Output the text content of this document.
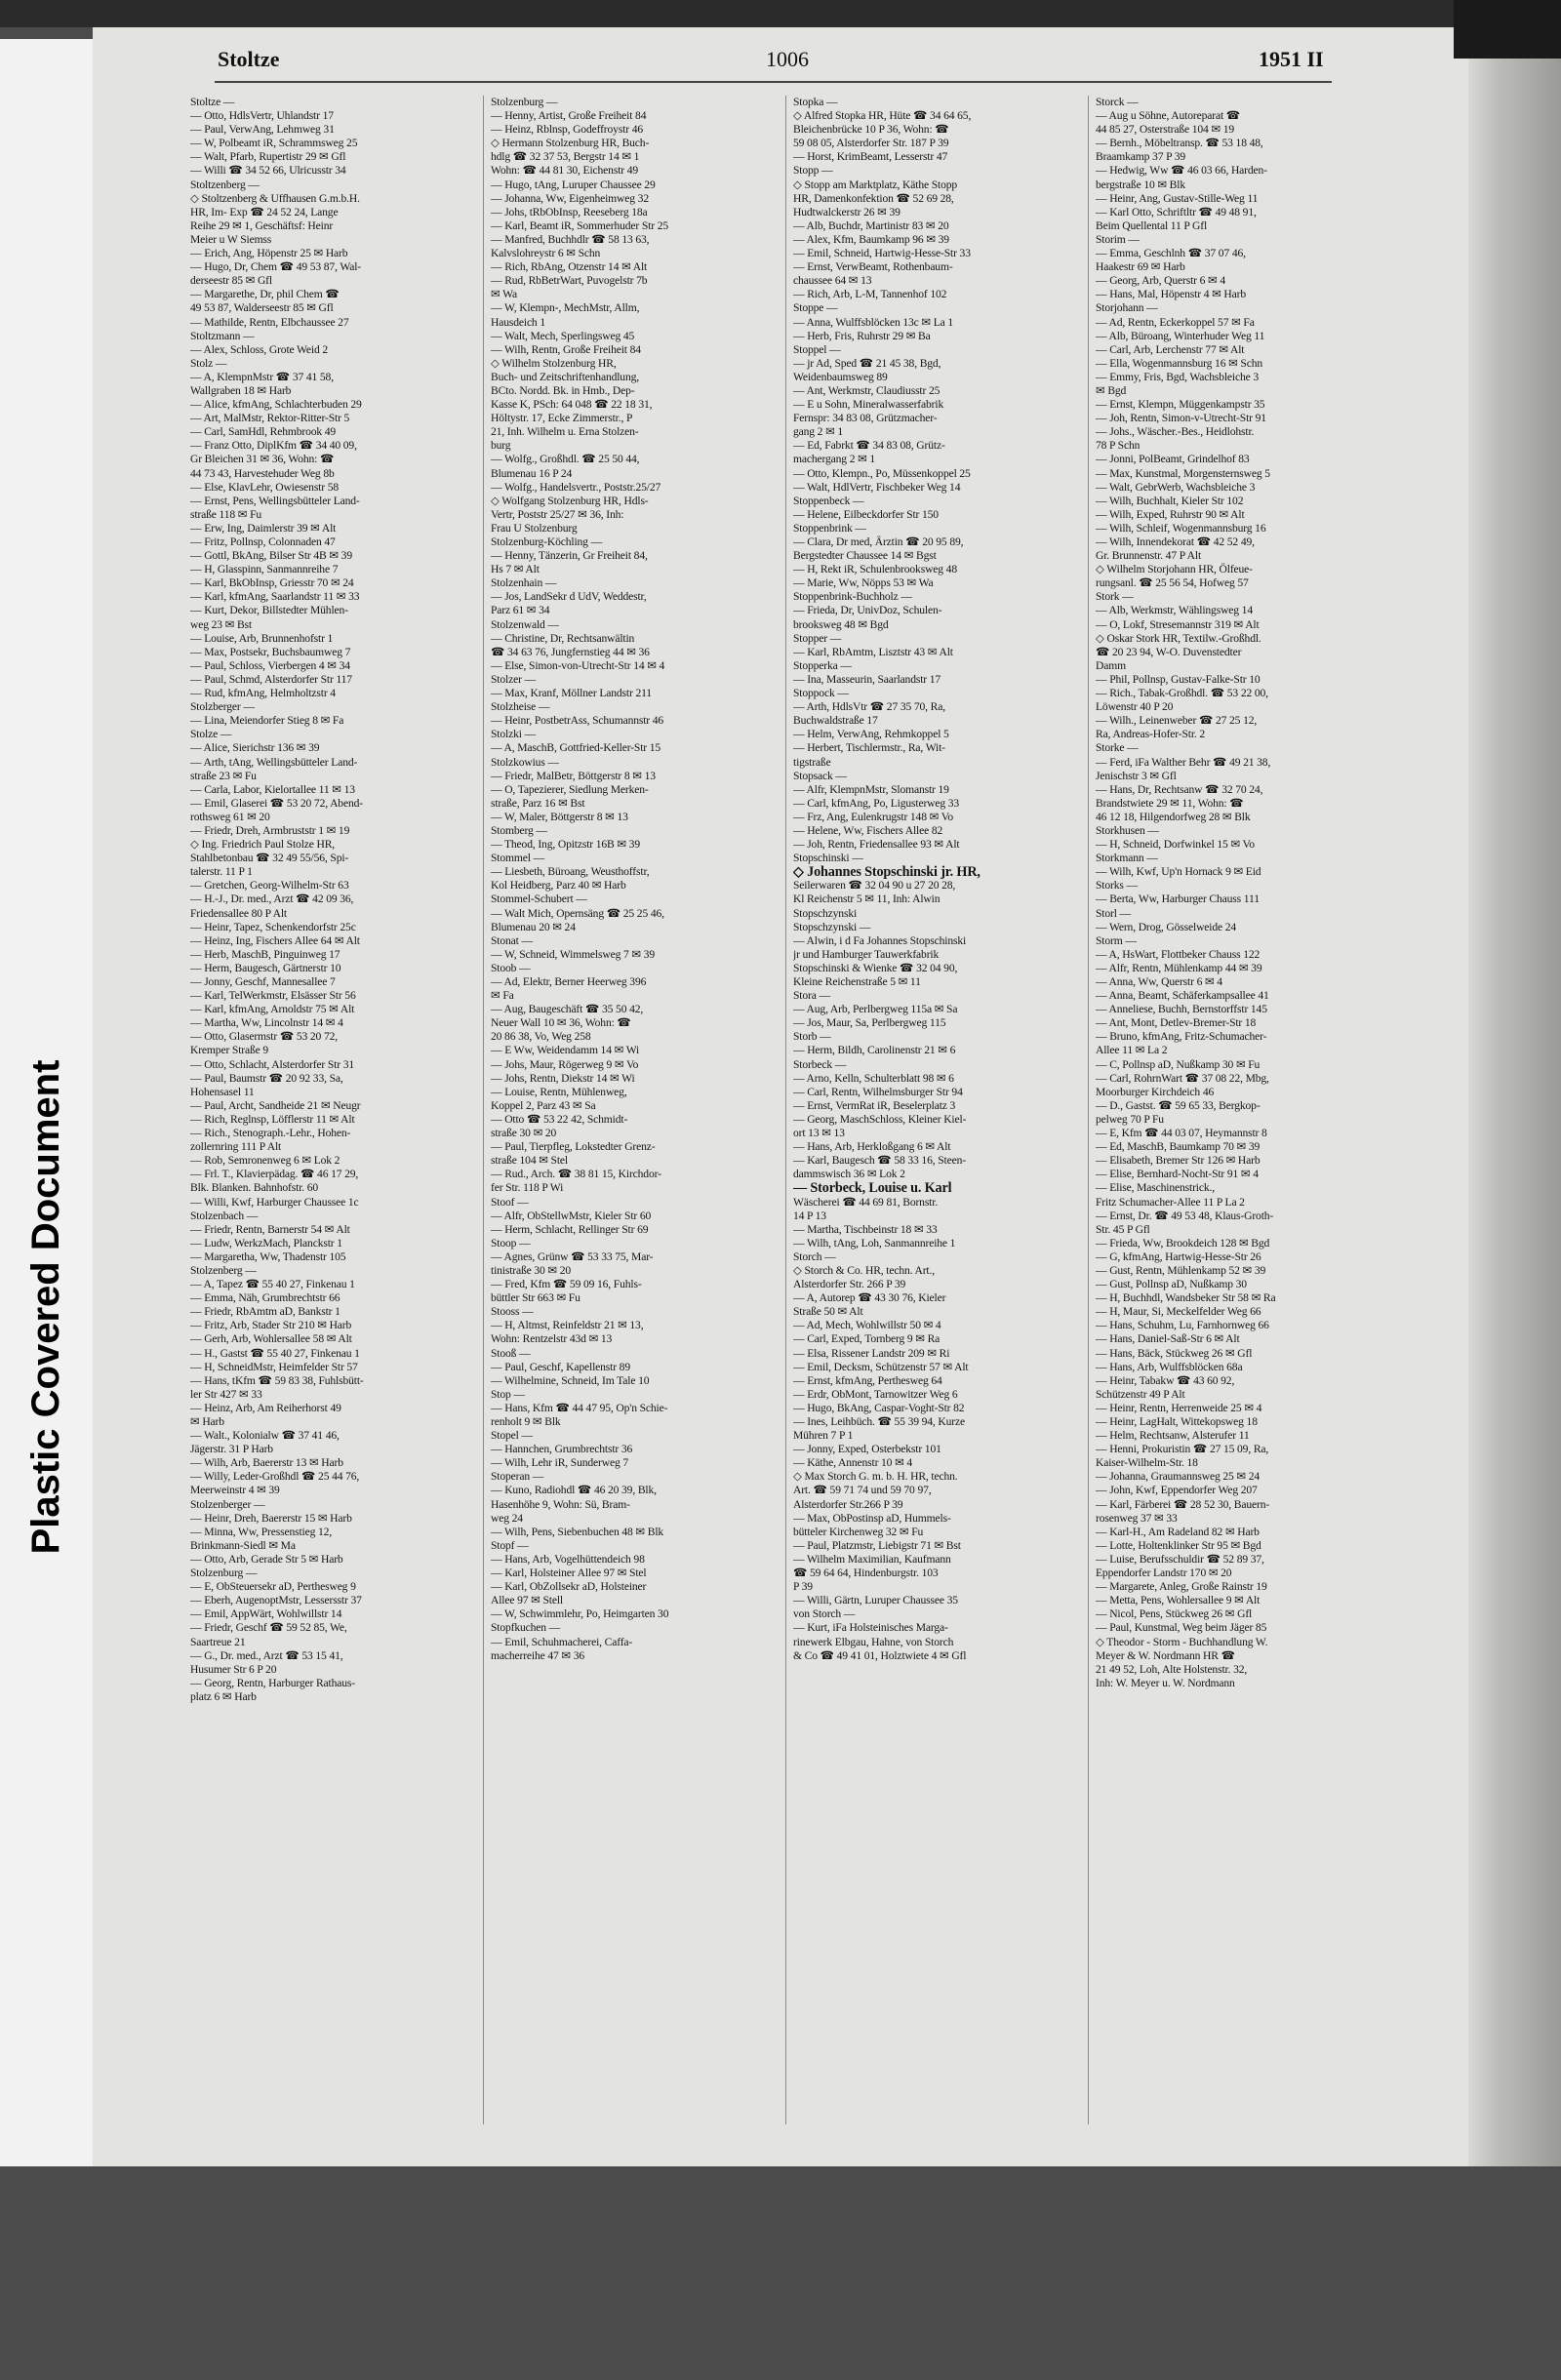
Plastic Covered Document
Stoltze	1006	1951 II
Stoltze —
— Otto, HdlsVertr, Uhlandstr 17
— Paul, VerwAng, Lehmweg 31
— W, Polbeamt iR, Schrammsweg 25
— Walt, Pfarb, Rupertistr 29 ✉ Gfl
— Willi ☎ 34 52 66, Ulricusstr 34
Stoltzenberg —
◇ Stoltzenberg & Uffhausen G.m.b.H.
HR, Im- Exp ☎ 24 52 24, Lange
Reihe 29 ✉ 1, Geschäftsf: Heinr
Meier u W Siemss
— Erich, Ang, Höpenstr 25 ✉ Harb
— Hugo, Dr, Chem ☎ 49 53 87, Wal-
derseestr 85 ✉ Gfl
— Margarethe, Dr, phil Chem ☎
49 53 87, Walderseestr 85 ✉ Gfl
— Mathilde, Rentn, Elbchaussee 27
Stoltzmann —
— Alex, Schloss, Grote Weid 2
Stolz —
— A, KlempnMstr ☎ 37 41 58,
Wallgraben 18 ✉ Harb
— Alice, kfmAng, Schlachterbuden 29
— Art, MalMstr, Rektor-Ritter-Str 5
— Carl, SamHdl, Rehmbrook 49
— Franz Otto, DiplKfm ☎ 34 40 09,
Gr Bleichen 31 ✉ 36, Wohn: ☎
44 73 43, Harvestehuder Weg 8b
— Else, KlavLehr, Owiesenstr 58
— Ernst, Pens, Wellingsbütteler Land-
straße 118 ✉ Fu
— Erw, Ing, Daimlerstr 39 ✉ Alt
— Fritz, Pollnsp, Colonnaden 47
— Gottl, BkAng, Bilser Str 4B ✉ 39
— H, Glasspinn, Sanmannreihe 7
— Karl, BkObInsp, Griesstr 70 ✉ 24
— Karl, kfmAng, Saarlandstr 11 ✉ 33
— Kurt, Dekor, Billstedter Mühlen-
weg 23 ✉ Bst
— Louise, Arb, Brunnenhofstr 1
— Max, Postsekr, Buchsbaumweg 7
— Paul, Schloss, Vierbergen 4 ✉ 34
— Paul, Schmd, Alsterdorfer Str 117
— Rud, kfmAng, Helmholtzstr 4
Stolzberger —
— Lina, Meiendorfer Stieg 8 ✉ Fa
Stolze —
— Alice, Sierichstr 136 ✉ 39
— Arth, tAng, Wellingsbütteler Land-
straße 23 ✉ Fu
— Carla, Labor, Kielortallee 11 ✉ 13
— Emil, Glaserei ☎ 53 20 72, Abend-
rothsweg 61 ✉ 20
— Friedr, Dreh, Armbruststr 1 ✉ 19
◇ Ing. Friedrich Paul Stolze HR,
Stahlbetonbau ☎ 32 49 55/56, Spi-
talerstr. 11 P 1
— Gretchen, Georg-Wilhelm-Str 63
— H.-J., Dr. med., Arzt ☎ 42 09 36,
Friedensallee 80 P Alt
— Heinr, Tapez, Schenkendorfstr 25c
— Heinz, Ing, Fischers Allee 64 ✉ Alt
— Herb, MaschB, Pinguinweg 17
— Herm, Baugesch, Gärtnerstr 10
— Jonny, Geschf, Mannesallee 7
— Karl, TelWerkmstr, Elsässer Str 56
— Karl, kfmAng, Arnoldstr 75 ✉ Alt
— Martha, Ww, Lincolnstr 14 ✉ 4
— Otto, Glasermstr ☎ 53 20 72,
Kremper Straße 9
— Otto, Schlacht, Alsterdorfer Str 31
— Paul, Baumstr ☎ 20 92 33, Sa,
Hohensasel 11
— Paul, Archt, Sandheide 21 ✉ Neugr
— Rich, Reglnsp, Löfflerstr 11 ✉ Alt
— Rich., Stenograph.-Lehr., Hohen-
zollernring 111 P Alt
— Rob, Semronenweg 6 ✉ Lok 2
— Frl. T., Klavierpädag. ☎ 46 17 29,
Blk. Blanken. Bahnhofstr. 60
— Willi, Kwf, Harburger Chaussee 1c
Stolzenbach —
— Friedr, Rentn, Barnerstr 54 ✉ Alt
— Ludw, WerkzMach, Planckstr 1
— Margaretha, Ww, Thadenstr 105
Stolzenberg —
— A, Tapez ☎ 55 40 27, Finkenau 1
— Emma, Näh, Grumbrechtstr 66
— Friedr, RbAmtm aD, Bankstr 1
— Fritz, Arb, Stader Str 210 ✉ Harb
— Gerh, Arb, Wohlersallee 58 ✉ Alt
— H., Gastst ☎ 55 40 27, Finkenau 1
— H, SchneidMstr, Heimfelder Str 57
— Hans, tKfm ☎ 59 83 38, Fuhlsbütt-
ler Str 427 ✉ 33
— Heinz, Arb, Am Reiherhorst 49
✉ Harb
— Walt., Kolonialw ☎ 37 41 46,
Jägerstr. 31 P Harb
— Wilh, Arb, Baererstr 13 ✉ Harb
— Willy, Leder-Großhdl ☎ 25 44 76,
Meerweinstr 4 ✉ 39
Stolzenberger —
— Heinr, Dreh, Baererstr 15 ✉ Harb
— Minna, Ww, Pressenstieg 12,
Brinkmann-Siedl ✉ Ma
— Otto, Arb, Gerade Str 5 ✉ Harb
Stolzenburg —
— E, ObSteuersekr aD, Perthesweg 9
— Eberh, AugenoptMstr, Lessersstr 37
— Emil, AppWärt, Wohlwillstr 14
— Friedr, Geschf ☎ 59 52 85, We,
Saartreue 21
— G., Dr. med., Arzt ☎ 53 15 41,
Husumer Str 6 P 20
— Georg, Rentn, Harburger Rathaus-
platz 6 ✉ Harb
Stolzenburg —
— Henny, Artist, Große Freiheit 84
— Heinz, Rblnsp, Godeffroystr 46
◇ Hermann Stolzenburg HR, Buch-
hdlg ☎ 32 37 53, Bergstr 14 ✉ 1
Wohn: ☎ 44 81 30, Eichenstr 49
— Hugo, tAng, Luruper Chaussee 29
— Johanna, Ww, Eigenheimweg 32
— Johs, tRbObInsp, Reeseberg 18a
— Karl, Beamt iR, Sommerhuder Str 25
— Manfred, Buchhdlr ☎ 58 13 63,
Kalvslohreystr 6 ✉ Schn
— Rich, RbAng, Otzenstr 14 ✉ Alt
— Rud, RbBetrWart, Puvogelstr 7b
✉ Wa
— W, Klempn-, MechMstr, Allm,
Hausdeich 1
— Walt, Mech, Sperlingsweg 45
— Wilh, Rentn, Große Freiheit 84
◇ Wilhelm Stolzenburg HR,
Buch- und Zeitschriftenhandlung,
BCto. Nordd. Bk. in Hmb., Dep-
Kasse K, PSch: 64 048 ☎ 22 18 31,
Höltystr. 17, Ecke Zimmerstr., P
21, Inh. Wilhelm u. Erna Stolzen-
burg
— Wolfg., Großhdl. ☎ 25 50 44,
Blumenau 16 P 24
— Wolfg., Handelsvertr., Poststr.25/27
◇ Wolfgang Stolzenburg HR, Hdls-
Vertr, Poststr 25/27 ✉ 36, Inh:
Frau U Stolzenburg
Stolzenburg-Köchling —
— Henny, Tänzerin, Gr Freiheit 84,
Hs 7 ✉ Alt
Stolzenhain —
— Jos, LandSekr d UdV, Weddestr,
Parz 61 ✉ 34
Stolzenwald —
— Christine, Dr, Rechtsanwältin
☎ 34 63 76, Jungfernstieg 44 ✉ 36
— Else, Simon-von-Utrecht-Str 14 ✉ 4
Stolzer —
— Max, Kranf, Möllner Landstr 211
Stolzheise —
— Heinr, PostbetrAss, Schumannstr 46
Stolzki —
— A, MaschB, Gottfried-Keller-Str 15
Stolzkowius —
— Friedr, MalBetr, Böttgerstr 8 ✉ 13
— O, Tapezierer, Siedlung Merken-
straße, Parz 16 ✉ Bst
— W, Maler, Böttgerstr 8 ✉ 13
Stomberg —
— Theod, Ing, Opitzstr 16B ✉ 39
Stommel —
— Liesbeth, Büroang, Weusthoffstr,
Kol Heidberg, Parz 40 ✉ Harb
Stommel-Schubert —
— Walt Mich, Opernsäng ☎ 25 25 46,
Blumenau 20 ✉ 24
Stonat —
— W, Schneid, Wimmelsweg 7 ✉ 39
Stoob —
— Ad, Elektr, Berner Heerweg 396
✉ Fa
— Aug, Baugeschäft ☎ 35 50 42,
Neuer Wall 10 ✉ 36, Wohn: ☎
20 86 38, Vo, Weg 258
— E Ww, Weidendamm 14 ✉ Wi
— Johs, Maur, Rögerweg 9 ✉ Vo
— Johs, Rentn, Diekstr 14 ✉ Wi
— Louise, Rentn, Mühlenweg,
Koppel 2, Parz 43 ✉ Sa
— Otto ☎ 53 22 42, Schmidt-
straße 30 ✉ 20
— Paul, Tierpfleg, Lokstedter Grenz-
straße 104 ✉ Stel
— Rud., Arch. ☎ 38 81 15, Kirchdor-
fer Str. 118 P Wi
Stoof —
— Alfr, ObStellwMstr, Kieler Str 60
— Herm, Schlacht, Rellinger Str 69
Stoop —
— Agnes, Grünw ☎ 53 33 75, Mar-
tinistraße 30 ✉ 20
— Fred, Kfm ☎ 59 09 16, Fuhls-
büttler Str 663 ✉ Fu
Stooss —
— H, Altmst, Reinfeldstr 21 ✉ 13,
Wohn: Rentzelstr 43d ✉ 13
Stooß —
— Paul, Geschf, Kapellenstr 89
— Wilhelmine, Schneid, Im Tale 10
Stop —
— Hans, Kfm ☎ 44 47 95, Op'n Schie-
renholt 9 ✉ Blk
Stopel —
— Hannchen, Grumbrechtstr 36
— Wilh, Lehr iR, Sunderweg 7
Stoperan —
— Kuno, Radiohdl ☎ 46 20 39, Blk,
Hasenhöhe 9, Wohn: Sü, Bram-
weg 24
— Wilh, Pens, Siebenbuchen 48 ✉ Blk
Stopf —
— Hans, Arb, Vogelhüttendeich 98
— Karl, Holsteiner Allee 97 ✉ Stel
— Karl, ObZollsekr aD, Holsteiner
Allee 97 ✉ Stell
— W, Schwimmlehr, Po, Heimgarten 30
Stopfkuchen —
— Emil, Schuhmacherei, Caffa-
macherreihe 47 ✉ 36
Stopka —
◇ Alfred Stopka HR, Hüte ☎ 34 64 65,
Bleichenbrücke 10 P 36, Wohn: ☎
59 08 05, Alsterdorfer Str. 187 P 39
— Horst, KrimBeamt, Lesserstr 47
Stopp —
◇ Stopp am Marktplatz, Käthe Stopp
HR, Damenkonfektion ☎ 52 69 28,
Hudtwalckerstr 26 ✉ 39
— Alb, Buchdr, Martinistr 83 ✉ 20
— Alex, Kfm, Baumkamp 96 ✉ 39
— Emil, Schneid, Hartwig-Hesse-Str 33
— Ernst, VerwBeamt, Rothenbaum-
chaussee 64 ✉ 13
— Rich, Arb, L-M, Tannenhof 102
Stoppe —
— Anna, Wulffsblöcken 13c ✉ La 1
— Herb, Fris, Ruhrstr 29 ✉ Ba
Stoppel —
— jr Ad, Sped ☎ 21 45 38, Bgd,
Weidenbaumsweg 89
— Ant, Werkmstr, Claudiusstr 25
— E u Sohn, Mineralwasserfabrik
Fernspr: 34 83 08, Grützmacher-
gang 2 ✉ 1
— Ed, Fabrkt ☎ 34 83 08, Grütz-
machergang 2 ✉ 1
— Otto, Klempn., Po, Müssenkoppel 25
— Walt, HdlVertr, Fischbeker Weg 14
Stoppenbeck —
— Helene, Eilbeckdorfer Str 150
Stoppenbrink —
— Clara, Dr med, Ärztin ☎ 20 95 89,
Bergstedter Chaussee 14 ✉ Bgst
— H, Rekt iR, Schulenbrooksweg 48
— Marie, Ww, Nöpps 53 ✉ Wa
Stoppenbrink-Buchholz —
— Frieda, Dr, UnivDoz, Schulen-
brooksweg 48 ✉ Bgd
Stopper —
— Karl, RbAmtm, Lisztstr 43 ✉ Alt
Stopperka —
— Ina, Masseurin, Saarlandstr 17
Stoppock —
— Arth, HdlsVtr ☎ 27 35 70, Ra,
Buchwaldstraße 17
— Helm, VerwAng, Rehmkoppel 5
— Herbert, Tischlermstr., Ra, Wit-
tigstraße
Stopsack —
— Alfr, KlempnMstr, Slomanstr 19
— Carl, kfmAng, Po, Ligusterweg 33
— Frz, Ang, Eulenkrugstr 148 ✉ Vo
— Helene, Ww, Fischers Allee 82
— Joh, Rentn, Friedensallee 93 ✉ Alt
Stopschinski —
◇ Johannes Stopschinski jr. HR,
Seilerwaren ☎ 32 04 90 u 27 20 28,
Kl Reichenstr 5 ✉ 11, Inh: Alwin
Stopschzynski
Stopschzynski —
— Alwin, i d Fa Johannes Stopschinski
jr und Hamburger Tauwerkfabrik
Stopschinski & Wienke ☎ 32 04 90,
Kleine Reichenstraße 5 ✉ 11
Stora —
— Aug, Arb, Perlbergweg 115a ✉ Sa
— Jos, Maur, Sa, Perlbergweg 115
Storb —
— Herm, Bildh, Carolinenstr 21 ✉ 6
Storbeck —
— Arno, Kelln, Schulterblatt 98 ✉ 6
— Carl, Rentn, Wilhelmsburger Str 94
— Ernst, VermRat iR, Beselerplatz 3
— Georg, MaschSchloss, Kleiner Kiel-
ort 13 ✉ 13
— Hans, Arb, Herkloßgang 6 ✉ Alt
— Karl, Baugesch ☎ 58 33 16, Steen-
dammswisch 36 ✉ Lok 2
— Storbeck, Louise u. Karl
Wäscherei ☎ 44 69 81, Bornstr.
14 P 13
— Martha, Tischbeinstr 18 ✉ 33
— Wilh, tAng, Loh, Sanmannreihe 1
Storch —
◇ Storch & Co. HR, techn. Art.,
Alsterdorfer Str. 266 P 39
— A, Autorep ☎ 43 30 76, Kieler
Straße 50 ✉ Alt
— Ad, Mech, Wohlwillstr 50 ✉ 4
— Carl, Exped, Tornberg 9 ✉ Ra
— Elsa, Rissener Landstr 209 ✉ Ri
— Emil, Decksm, Schützenstr 57 ✉ Alt
— Ernst, kfmAng, Perthesweg 64
— Erdr, ObMont, Tarnowitzer Weg 6
— Hugo, BkAng, Caspar-Voght-Str 82
— Ines, Leihbüch. ☎ 55 39 94, Kurze
Mühren 7 P 1
— Jonny, Exped, Osterbekstr 101
— Käthe, Annenstr 10 ✉ 4
◇ Max Storch G. m. b. H. HR, techn.
Art. ☎ 59 71 74 und 59 70 97,
Alsterdorfer Str.266 P 39
— Max, ObPostinsp aD, Hummels-
bütteler Kirchenweg 32 ✉ Fu
— Paul, Platzmstr, Liebigstr 71 ✉ Bst
— Wilhelm Maximilian, Kaufmann
☎ 59 64 64, Hindenburgstr. 103
P 39
— Willi, Gärtn, Luruper Chaussee 35
von Storch —
— Kurt, iFa Holsteinisches Marga-
rinewerk Elbgau, Hahne, von Storch
& Co ☎ 49 41 01, Holztwiete 4 ✉ Gfl
Storck —
— Aug u Söhne, Autoreparat ☎
44 85 27, Osterstraße 104 ✉ 19
— Bernh., Möbeltransp. ☎ 53 18 48,
Braamkamp 37 P 39
— Hedwig, Ww ☎ 46 03 66, Harden-
bergstraße 10 ✉ Blk
— Heinr, Ang, Gustav-Stille-Weg 11
— Karl Otto, Schriftltr ☎ 49 48 91,
Beim Quellental 11 P Gfl
Storim —
— Emma, Geschlnh ☎ 37 07 46,
Haakestr 69 ✉ Harb
— Georg, Arb, Querstr 6 ✉ 4
— Hans, Mal, Höpenstr 4 ✉ Harb
Storjohann —
— Ad, Rentn, Eckerkoppel 57 ✉ Fa
— Alb, Büroang, Winterhuder Weg 11
— Carl, Arb, Lerchenstr 77 ✉ Alt
— Ella, Wogenmannsburg 16 ✉ Schn
— Emmy, Fris, Bgd, Wachsbleiche 3
✉ Bgd
— Ernst, Klempn, Müggenkampstr 35
— Joh, Rentn, Simon-v-Utrecht-Str 91
— Johs., Wäscher.-Bes., Heidlohstr.
78 P Schn
— Jonni, PolBeamt, Grindelhof 83
— Max, Kunstmal, Morgensternsweg 5
— Walt, GebrWerb, Wachsbleiche 3
— Wilh, Buchhalt, Kieler Str 102
— Wilh, Exped, Ruhrstr 90 ✉ Alt
— Wilh, Schleif, Wogenmannsburg 16
— Wilh, Innendekorat ☎ 42 52 49,
Gr. Brunnenstr. 47 P Alt
◇ Wilhelm Storjohann HR, Ölfeue-
rungsanl. ☎ 25 56 54, Hofweg 57
Stork —
— Alb, Werkmstr, Wählingsweg 14
— O, Lokf, Stresemannstr 319 ✉ Alt
◇ Oskar Stork HR, Textilw.-Großhdl.
☎ 20 23 94, W-O. Duvenstedter
Damm
— Phil, Pollnsp, Gustav-Falke-Str 10
— Rich., Tabak-Großhdl. ☎ 53 22 00,
Löwenstr 40 P 20
— Wilh., Leinenweber ☎ 27 25 12,
Ra, Andreas-Hofer-Str. 2
Storke —
— Ferd, iFa Walther Behr ☎ 49 21 38,
Jenischstr 3 ✉ Gfl
— Hans, Dr, Rechtsanw ☎ 32 70 24,
Brandstwiete 29 ✉ 11, Wohn: ☎
46 12 18, Hilgendorfweg 28 ✉ Blk
Storkhusen —
— H, Schneid, Dorfwinkel 15 ✉ Vo
Storkmann —
— Wilh, Kwf, Up'n Hornack 9 ✉ Eid
Storks —
— Berta, Ww, Harburger Chauss 111
Storl —
— Wern, Drog, Gösselweide 24
Storm —
— A, HsWart, Flottbeker Chauss 122
— Alfr, Rentn, Mühlenkamp 44 ✉ 39
— Anna, Ww, Querstr 6 ✉ 4
— Anna, Beamt, Schäferkampsallee 41
— Anneliese, Buchh, Bernstorffstr 145
— Ant, Mont, Detlev-Bremer-Str 18
— Bruno, kfmAng, Fritz-Schumacher-
Allee 11 ✉ La 2
— C, Pollnsp aD, Nußkamp 30 ✉ Fu
— Carl, RohrnWart ☎ 37 08 22, Mbg,
Moorburger Kirchdeich 46
— D., Gastst. ☎ 59 65 33, Bergkop-
pelweg 70 P Fu
— E, Kfm ☎ 44 03 07, Heymannstr 8
— Ed, MaschB, Baumkamp 70 ✉ 39
— Elisabeth, Bremer Str 126 ✉ Harb
— Elise, Bernhard-Nocht-Str 91 ✉ 4
— Elise, Maschinenstrick.,
Fritz Schumacher-Allee 11 P La 2
— Ernst, Dr. ☎ 49 53 48, Klaus-Groth-
Str. 45 P Gfl
— Frieda, Ww, Brookdeich 128 ✉ Bgd
— G, kfmAng, Hartwig-Hesse-Str 26
— Gust, Rentn, Mühlenkamp 52 ✉ 39
— Gust, Pollnsp aD, Nußkamp 30
— H, Buchhdl, Wandsbeker Str 58 ✉ Ra
— H, Maur, Si, Meckelfelder Weg 66
— Hans, Schuhm, Lu, Farnhornweg 66
— Hans, Daniel-Saß-Str 6 ✉ Alt
— Hans, Bäck, Stückweg 26 ✉ Gfl
— Hans, Arb, Wulffsblöcken 68a
— Heinr, Tabakw ☎ 43 60 92,
Schützenstr 49 P Alt
— Heinr, Rentn, Herrenweide 25 ✉ 4
— Heinr, LagHalt, Wittekopsweg 18
— Helm, Rechtsanw, Alsterufer 11
— Henni, Prokuristin ☎ 27 15 09, Ra,
Kaiser-Wilhelm-Str. 18
— Johanna, Graumannsweg 25 ✉ 24
— John, Kwf, Eppendorfer Weg 207
— Karl, Färberei ☎ 28 52 30, Bauern-
rosenweg 37 ✉ 33
— Karl-H., Am Radeland 82 ✉ Harb
— Lotte, Holtenklinker Str 95 ✉ Bgd
— Luise, Berufsschuldir ☎ 52 89 37,
Eppendorfer Landstr 170 ✉ 20
— Margarete, Anleg, Große Rainstr 19
— Metta, Pens, Wohlersallee 9 ✉ Alt
— Nicol, Pens, Stückweg 26 ✉ Gfl
— Paul, Kunstmal, Weg beim Jäger 85
◇ Theodor - Storm - Buchhandlung W.
Meyer & W. Nordmann HR ☎
21 49 52, Loh, Alte Holstenstr. 32,
Inh: W. Meyer u. W. Nordmann
